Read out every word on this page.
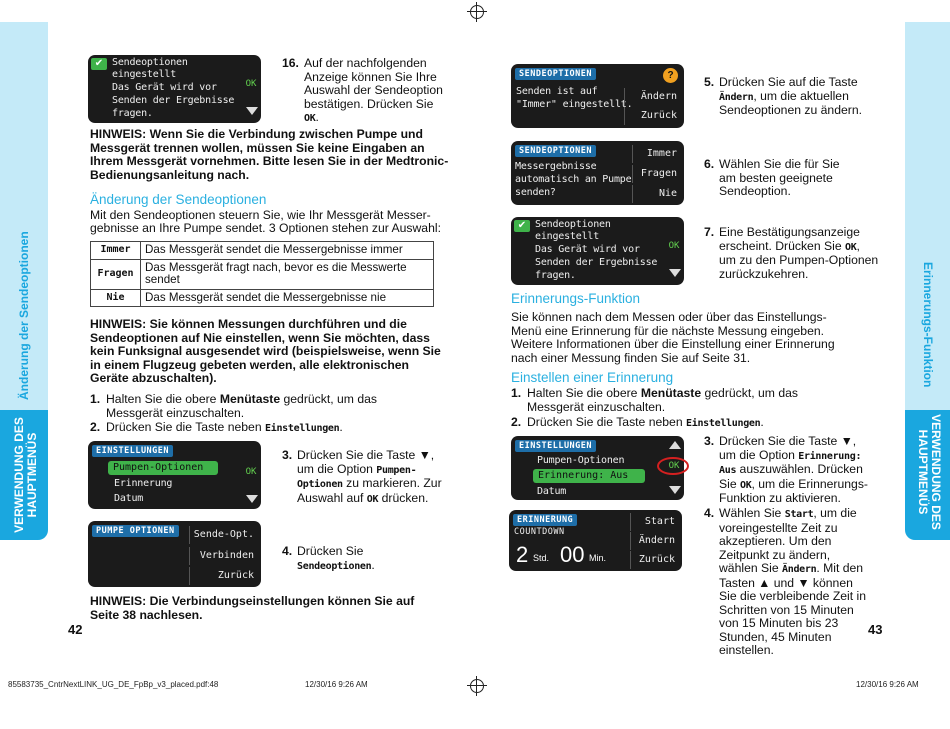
Änderung der Sendeoptionen
VERWENDUNG DES
HAUPTMENÜS
Erinnerungs-Funktion
VERWENDUNG DES
HAUPTMENÜS
✔ Sendeoptionen
eingestellt
Das Gerät wird vor
Senden der Ergebnisse
fragen.
OK
16. Auf der nachfolgenden Anzeige können Sie Ihre Auswahl der Sendeoption bestätigen. Drücken Sie OK.
HINWEIS: Wenn Sie die Verbindung zwischen Pumpe und Messgerät trennen wollen, müssen Sie keine Eingaben an Ihrem Messgerät vornehmen. Bitte lesen Sie in der Medtronic-Bedienungsanleitung nach.
Änderung der Sendeoptionen
Mit den Sendeoptionen steuern Sie, wie Ihr Messgerät Messer-
gebnisse an Ihre Pumpe sendet. 3 Optionen stehen zur Auswahl:
Immer	Das Messgerät sendet die Messergebnisse immer
Fragen	Das Messgerät fragt nach, bevor es die Messwerte sendet
Nie	Das Messgerät sendet die Messergebnisse nie
HINWEIS: Sie können Messungen durchführen und die Sendeoptionen auf Nie einstellen, wenn Sie möchten, dass kein Funksignal ausgesendet wird (beispielsweise, wenn Sie in einem Flugzeug gebeten werden, alle elektronischen Geräte abzuschalten).
1. Halten Sie die obere Menütaste gedrückt, um das Messgerät einzuschalten.
2. Drücken Sie die Taste neben Einstellungen.
EINSTELLUNGEN
Pumpen-Optionen
Erinnerung
Datum
OK
3. Drücken Sie die Taste ▼, um die Option Pumpen-Optionen zu markieren. Zur Auswahl auf OK drücken.
PUMPE OPTIONEN	Sende-Opt.
Verbinden
Zurück
4. Drücken Sie
Sendeoptionen.
HINWEIS: Die Verbindungseinstellungen können Sie auf Seite 38 nachlesen.
42
85583735_CntrNextLINK_UG_DE_FpBp_v3_placed.pdf:48	12/30/16 9:26 AM	12/30/16 9:26 AM
SENDEOPTIONEN
Senden ist auf
"Immer" eingestellt.
?
Ändern
Zurück
5. Drücken Sie auf die Taste Ändern, um die aktuellen Sendeoptionen zu ändern.
SENDEOPTIONEN
Messergebnisse
automatisch an Pumpe
senden?
Immer
Fragen
Nie
6. Wählen Sie die für Sie am besten geeignete Sendeoption.
✔ Sendeoptionen
eingestellt
Das Gerät wird vor
Senden der Ergebnisse
fragen.
OK
7. Eine Bestätigungsanzeige erscheint. Drücken Sie OK, um zu den Pumpen-Optionen zurückzukehren.
Erinnerungs-Funktion
Sie können nach dem Messen oder über das Einstellungs-Menü eine Erinnerung für die nächste Messung eingeben. Weitere Informationen über die Einstellung einer Erinnerung nach einer Messung finden Sie auf Seite 31.
Einstellen einer Erinnerung
1. Halten Sie die obere Menütaste gedrückt, um das Messgerät einzuschalten.
2. Drücken Sie die Taste neben Einstellungen.
EINSTELLUNGEN
Pumpen-Optionen
Erinnerung: Aus
Datum
OK
3. Drücken Sie die Taste ▼, um die Option Erinnerung: Aus auszuwählen. Drücken Sie OK, um die Erinnerungs-Funktion zu aktivieren.
ERINNERUNG
COUNTDOWN
2 Std. 00 Min.
Start
Ändern
Zurück
4. Wählen Sie Start, um die voreingestellte Zeit zu akzeptieren. Um den Zeitpunkt zu ändern, wählen Sie Ändern. Mit den Tasten ▲ und ▼ können Sie die verbleibende Zeit in Schritten von 15 Minuten von 15 Minuten bis 23 Stunden, 45 Minuten einstellen.
43
